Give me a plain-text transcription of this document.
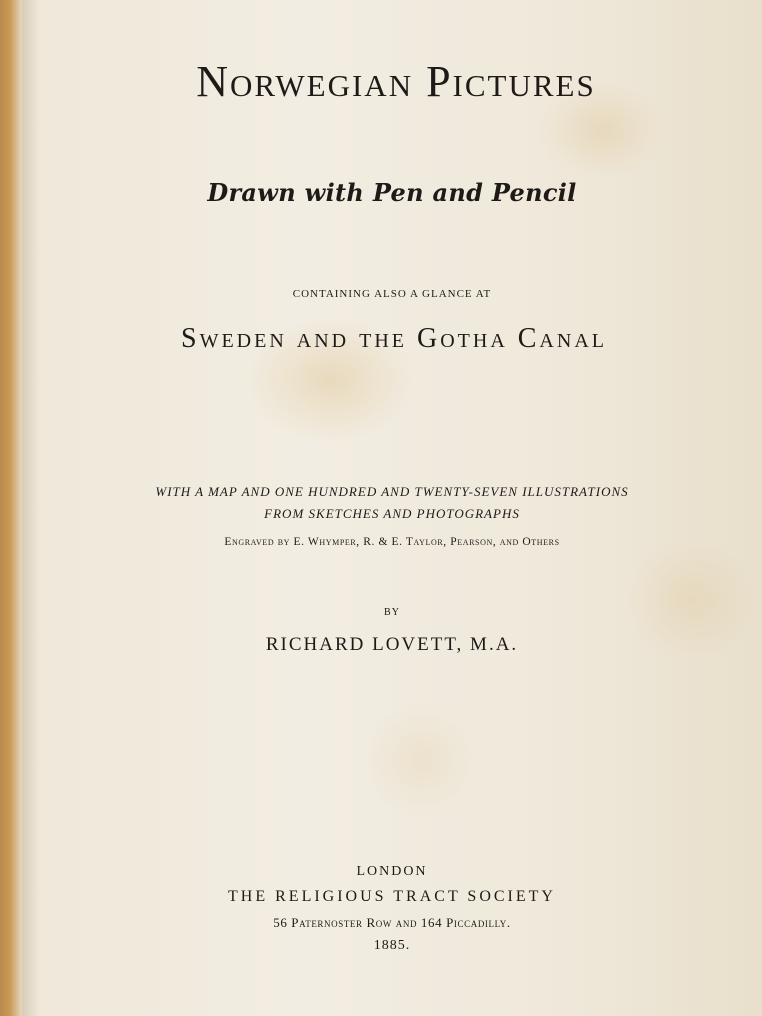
Norwegian Pictures
Drawn with Pen and Pencil
CONTAINING ALSO A GLANCE AT
Sweden and the Gotha Canal
WITH A MAP AND ONE HUNDRED AND TWENTY-SEVEN ILLUSTRATIONS
FROM SKETCHES AND PHOTOGRAPHS
Engraved by E. Whymper, R. & E. Taylor, Pearson, and Others
BY
RICHARD LOVETT, M.A.
LONDON
THE RELIGIOUS TRACT SOCIETY
56 Paternoster Row and 164 Piccadilly.
1885.
